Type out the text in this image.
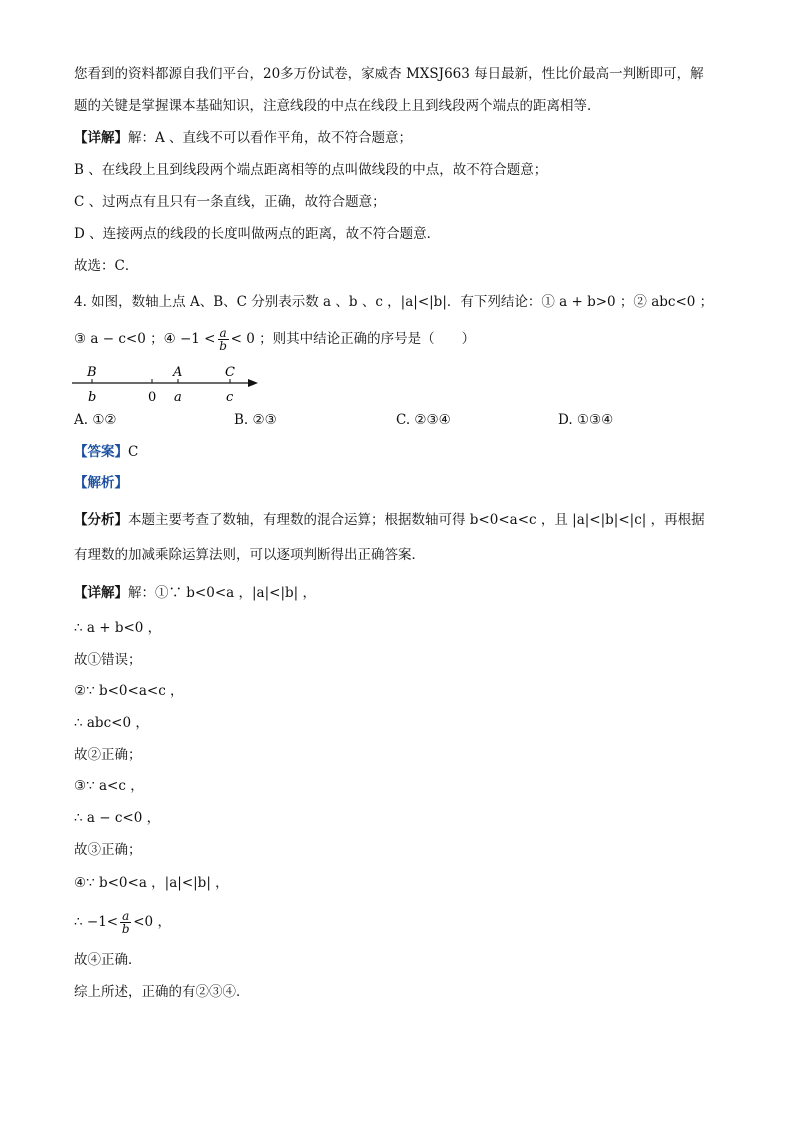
您看到的资料都源自我们平台，20多万份试卷，家威杏 MXSJ663 每日最新，性比价最高一判断即可，解
题的关键是掌握课本基础知识，注意线段的中点在线段上且到线段两个端点的距离相等．
【详解】解：A 、直线不可以看作平角，故不符合题意；
B 、在线段上且到线段两个端点距离相等的点叫做线段的中点，故不符合题意；
C 、过两点有且只有一条直线，正确，故符合题意；
D 、连接两点的线段的长度叫做两点的距离，故不符合题意．
故选：C．
4. 如图，数轴上点 A、B、C 分别表示数 a 、b 、c ，|a|<|b|．有下列结论：① a + b>0 ；② abc<0 ；
③ a − c<0 ；④ $-1 < \frac{a}{b} < 0$ ；则其中结论正确的序号是（　　）
B	A	C
b	0 a	c
A. ①②	B. ②③	C. ②③④	D. ①③④
【答案】C
【解析】
【分析】本题主要考查了数轴，有理数的混合运算；根据数轴可得 b<0<a<c ，且 |a|<|b|<|c| ，再根据
有理数的加减乘除运算法则，可以逐项判断得出正确答案．
【详解】解：①∵ b<0<a ，|a|<|b| ，
∴ a + b<0 ，
故①错误；
②∵ b<0<a<c ，
∴ abc<0 ，
故②正确；
③∵ a<c ，
∴ a − c<0 ，
故③正确；
④∵ b<0<a ，|a|<|b| ，
∴ $-1< \frac{a}{b} <0$ ，
故④正确．
综上所述，正确的有②③④．
